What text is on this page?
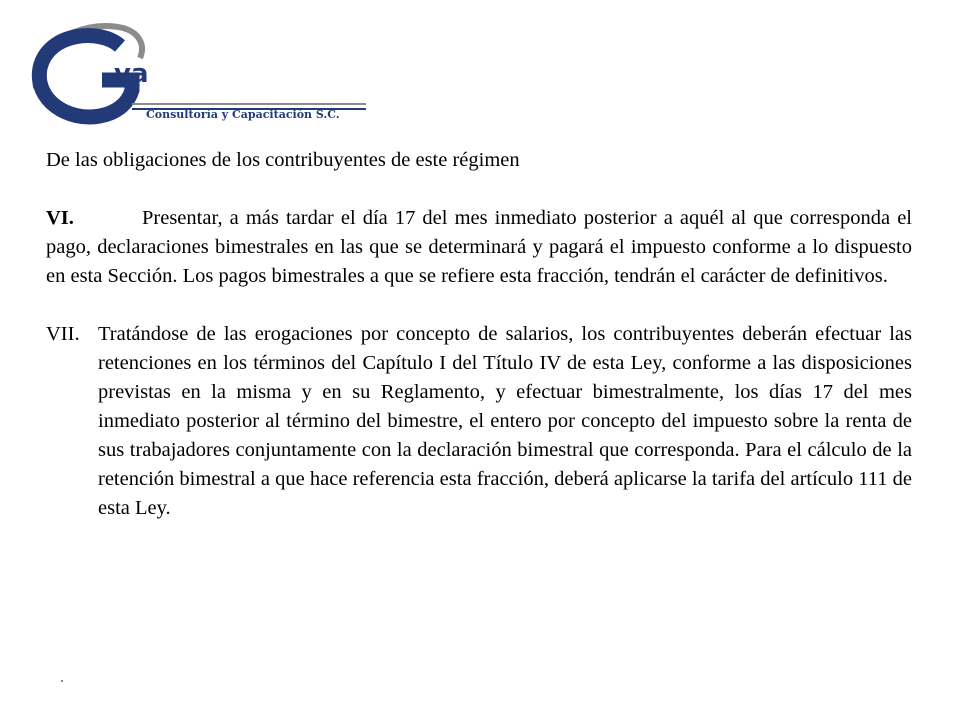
va
Consultoría y Capacitación S.C.

De las obligaciones de los contribuyentes de este régimen

VI.	Presentar, a más tardar el día 17 del mes inmediato posterior a aquél al que corresponda el pago, declaraciones bimestrales en las que se determinará y pagará el impuesto conforme a lo dispuesto en esta Sección. Los pagos bimestrales a que se refiere esta fracción, tendrán el carácter de definitivos.

VII. Tratándose de las erogaciones por concepto de salarios, los contribuyentes deberán efectuar las retenciones en los términos del Capítulo I del Título IV de esta Ley, conforme a las disposiciones previstas en la misma y en su Reglamento, y efectuar bimestralmente, los días 17 del mes inmediato posterior al término del bimestre, el entero por concepto del impuesto sobre la renta de sus trabajadores conjuntamente con la declaración bimestral que corresponda. Para el cálculo de la retención bimestral a que hace referencia esta fracción, deberá aplicarse la tarifa del artículo 111 de esta Ley.
